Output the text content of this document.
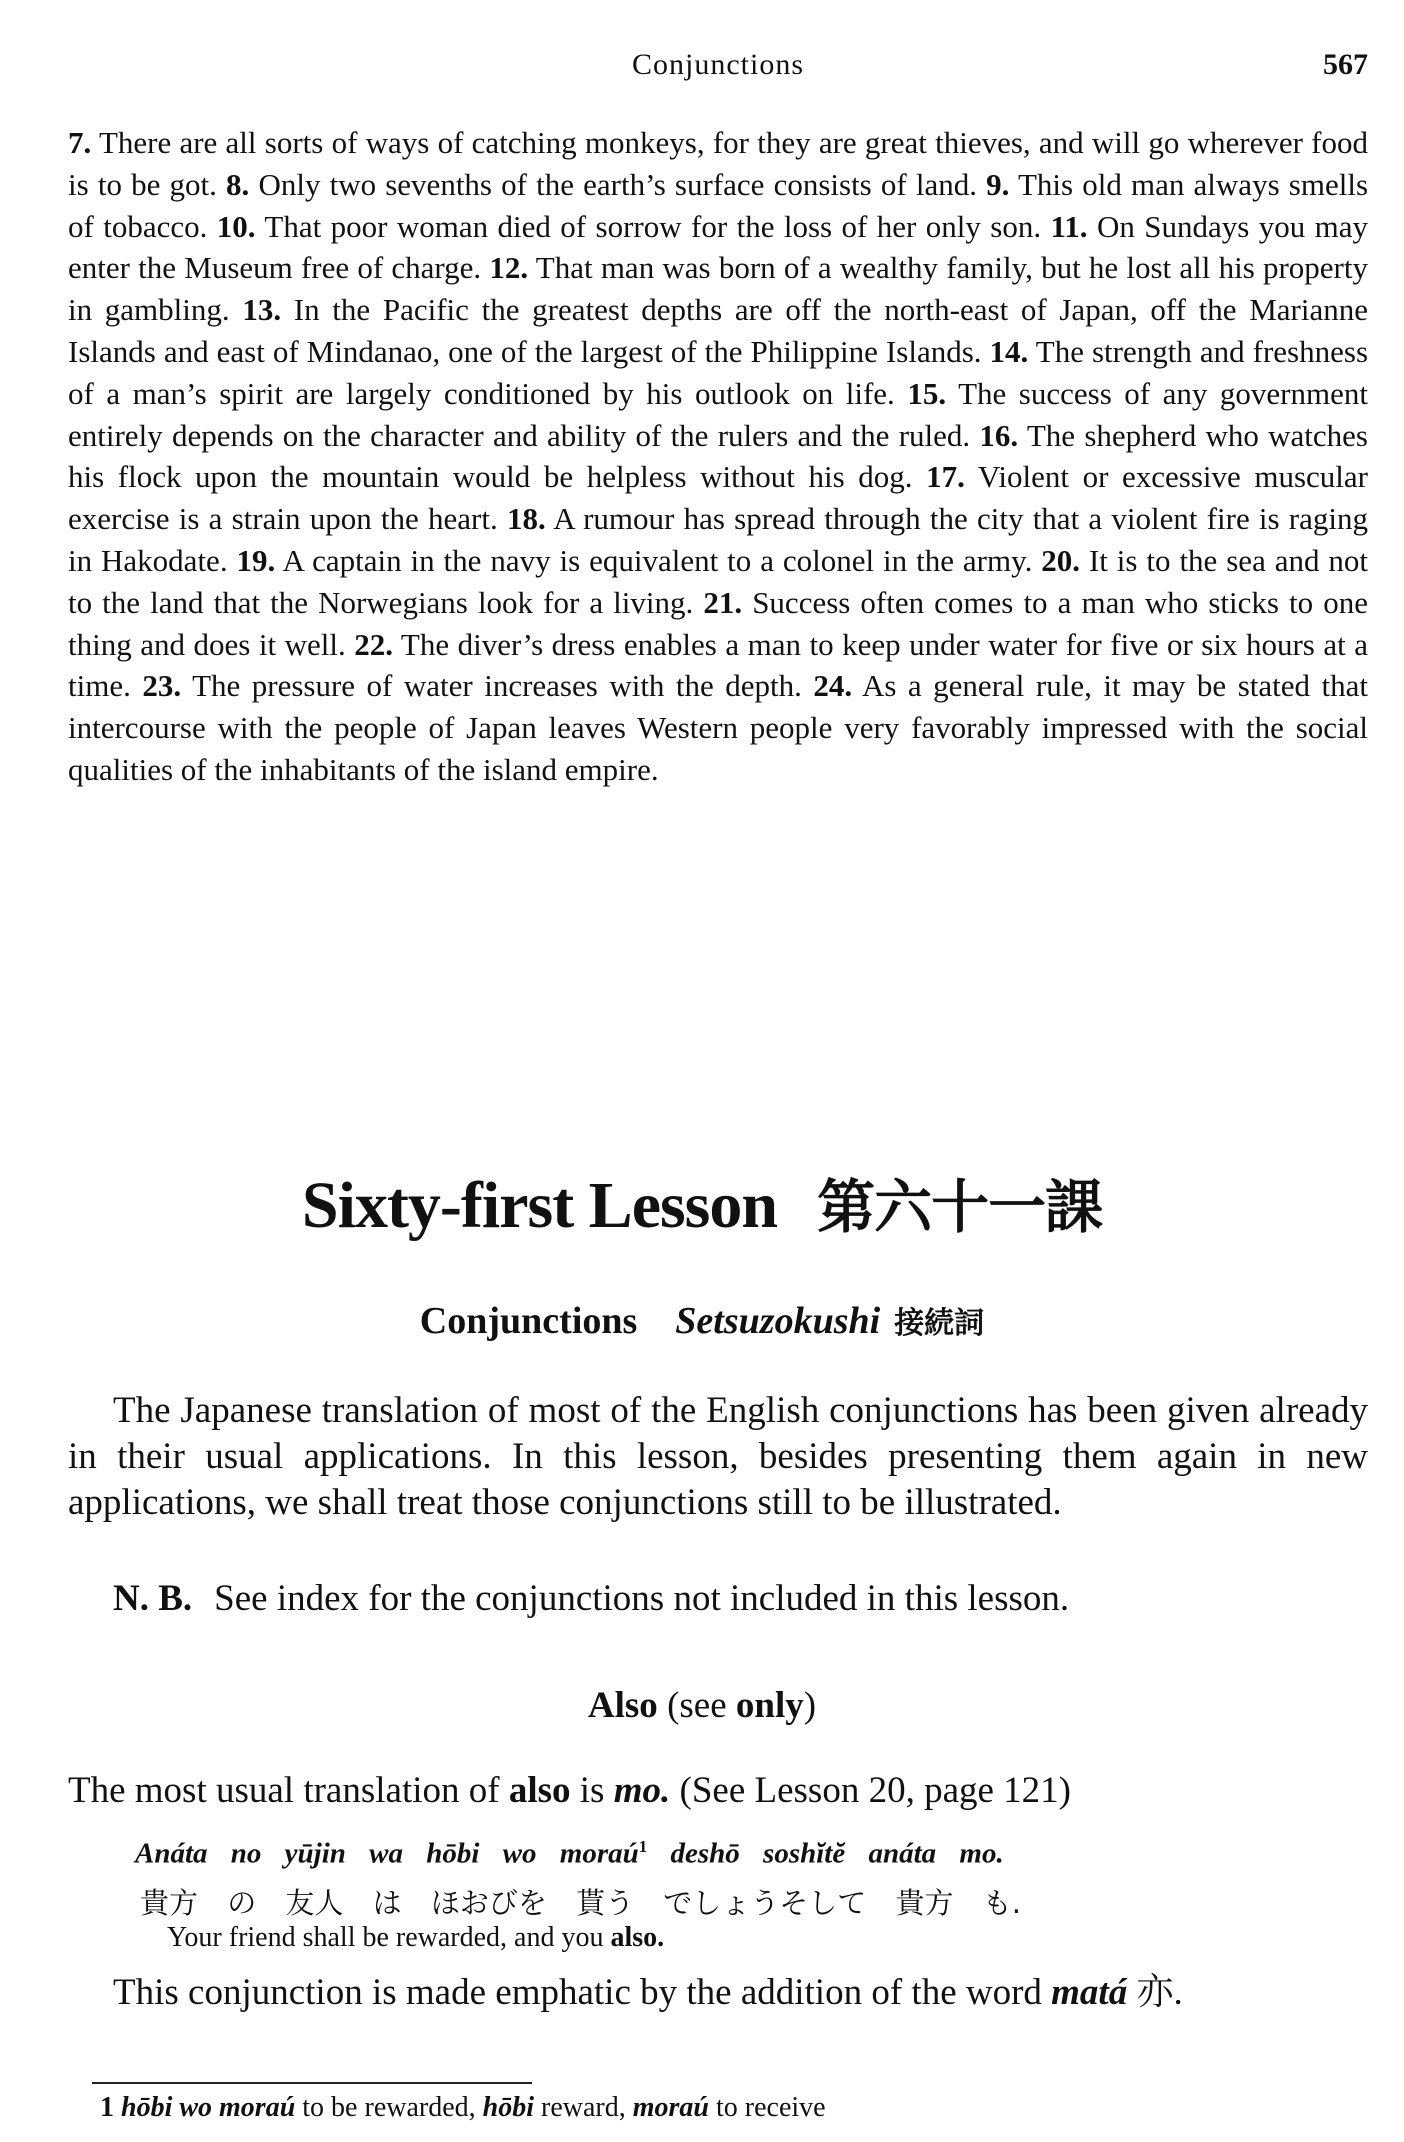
Conjunctions	567
7. There are all sorts of ways of catching monkeys, for they are great thieves, and will go wherever food is to be got. 8. Only two sevenths of the earth’s surface consists of land. 9. This old man always smells of tobacco. 10. That poor woman died of sorrow for the loss of her only son. 11. On Sundays you may enter the Museum free of charge. 12. That man was born of a wealthy family, but he lost all his property in gambling. 13. In the Pacific the greatest depths are off the north-east of Japan, off the Marianne Islands and east of Mindanao, one of the largest of the Philippine Islands. 14. The strength and freshness of a man’s spirit are largely conditioned by his outlook on life. 15. The success of any government entirely depends on the character and ability of the rulers and the ruled. 16. The shepherd who watches his flock upon the mountain would be helpless without his dog. 17. Violent or excessive muscular exercise is a strain upon the heart. 18. A rumour has spread through the city that a violent fire is raging in Hakodate. 19. A captain in the navy is equivalent to a colonel in the army. 20. It is to the sea and not to the land that the Norwegians look for a living. 21. Success often comes to a man who sticks to one thing and does it well. 22. The diver’s dress enables a man to keep under water for five or six hours at a time. 23. The pressure of water increases with the depth. 24. As a general rule, it may be stated that intercourse with the people of Japan leaves Western people very favorably impressed with the social qualities of the inhabitants of the island empire.
Sixty-first Lesson 第六十一課
Conjunctions Setsuzokushi 接続詞
The Japanese translation of most of the English conjunctions has been given already in their usual applications. In this lesson, besides presenting them again in new applications, we shall treat those conjunctions still to be illustrated.
N. B. See index for the conjunctions not included in this lesson.
Also (see only)
The most usual translation of also is mo. (See Lesson 20, page 121)
Anáta no yūjin wa hōbi wo moraú$^1$ deshō soshĭtĕ anáta mo.
貴方 の 友人 は ほおびを 貰う でしょうそして 貴方 も.
Your friend shall be rewarded, and you also.
This conjunction is made emphatic by the addition of the word matá 亦.
1 hōbi wo moraú to be rewarded, hōbi reward, moraú to receive
